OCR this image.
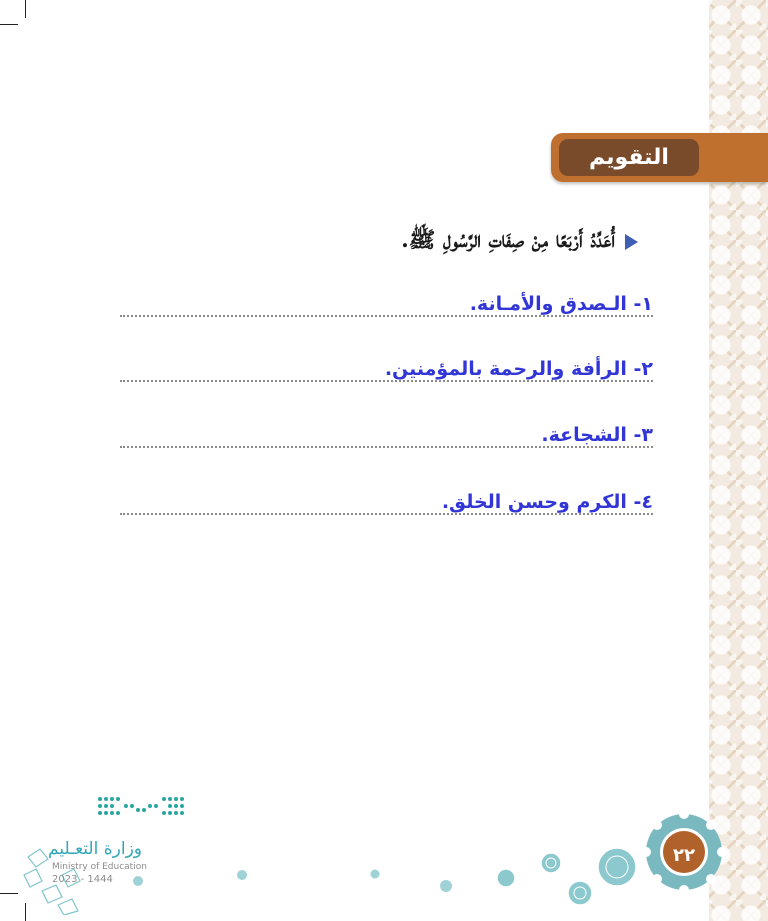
التقويم
أُعَدِّدُ أَرْبَعًا مِنْ صِفَاتِ الرَّسُولِ ﷺ.
١- الـصدق والأمـانة.
٢- الرأفة والرحمة بالمؤمنين.
٣- الشجاعة.
٤- الكرم وحسن الخلق.
٢٢
وزارة التعـليم
Ministry of Education
2023 - 1444
